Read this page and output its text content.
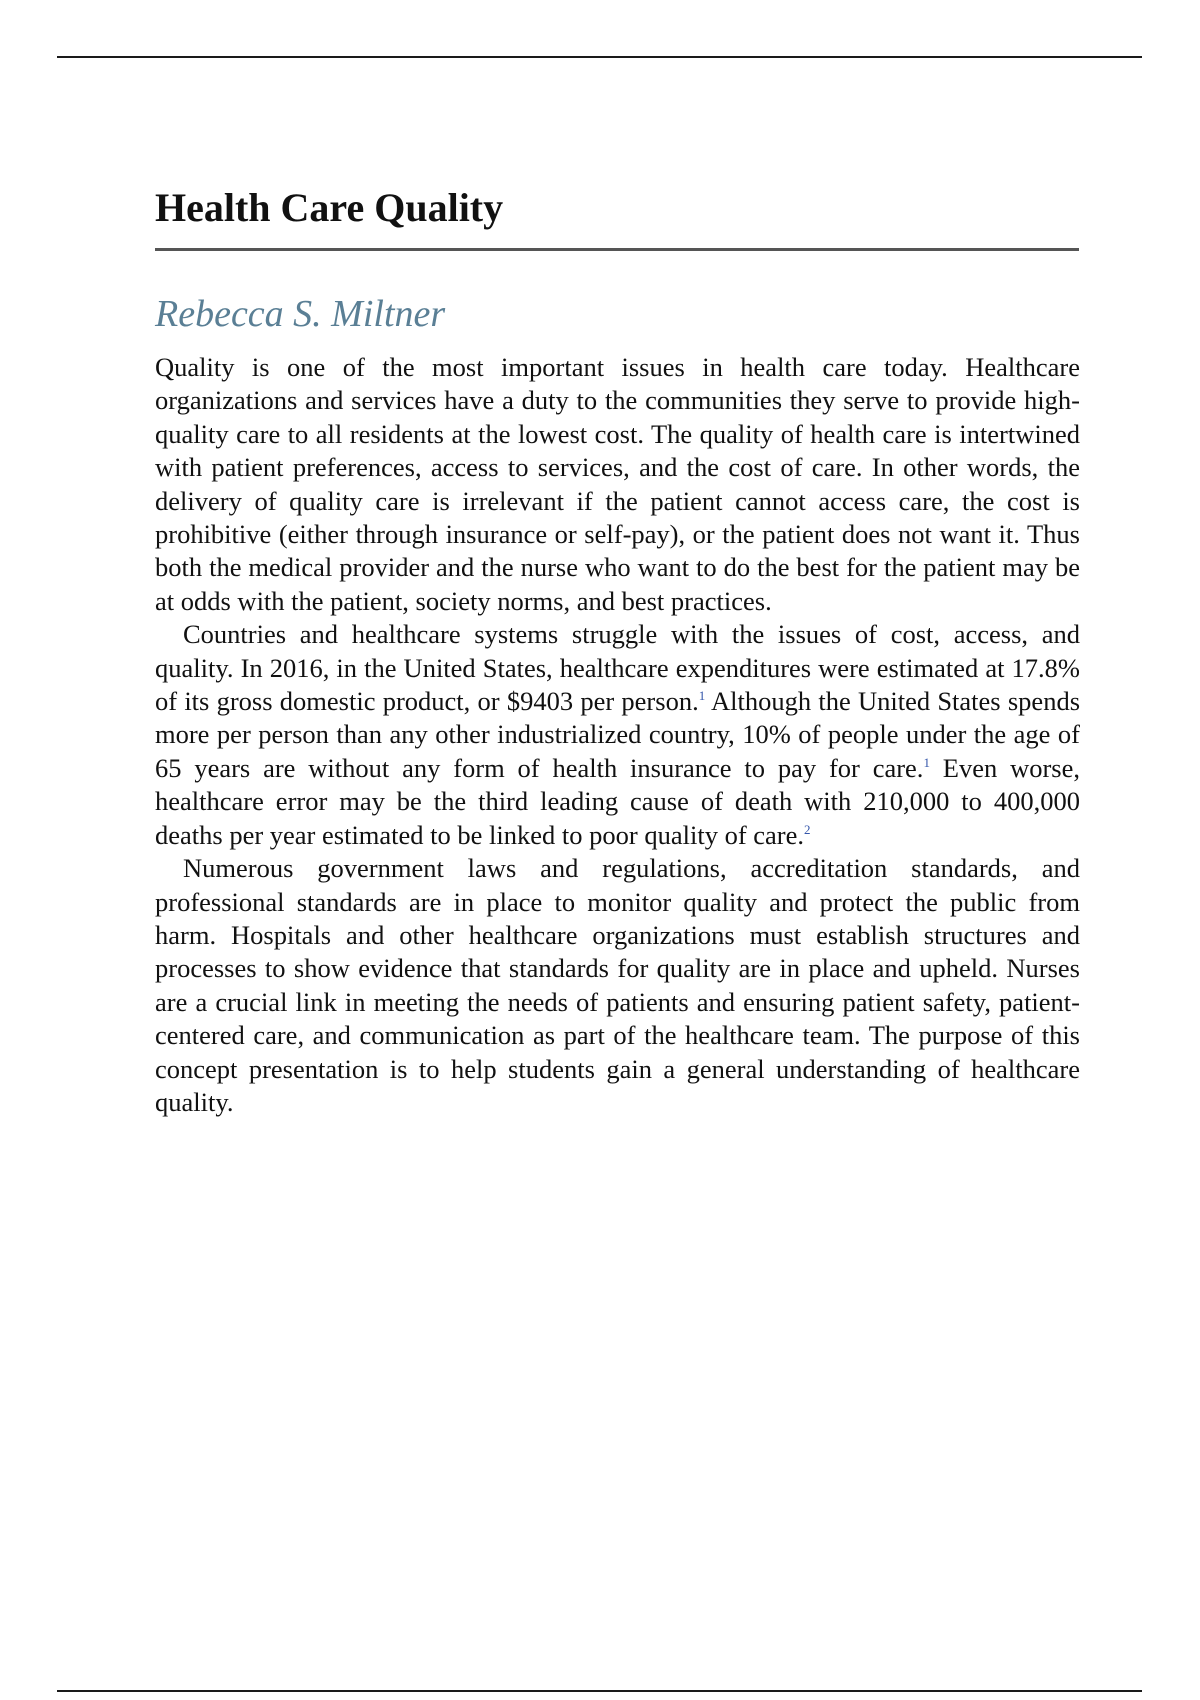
Health Care Quality
Rebecca S. Miltner

Quality is one of the most important issues in health care today. Healthcare organizations and services have a duty to the communities they serve to provide high-quality care to all residents at the lowest cost. The quality of health care is intertwined with patient preferences, access to services, and the cost of care. In other words, the delivery of quality care is irrelevant if the patient cannot access care, the cost is prohibitive (either through insurance or self-pay), or the patient does not want it. Thus both the medical provider and the nurse who want to do the best for the patient may be at odds with the patient, society norms, and best practices.

Countries and healthcare systems struggle with the issues of cost, access, and quality. In 2016, in the United States, healthcare expenditures were estimated at 17.8% of its gross domestic product, or $9403 per person.$^1$ Although the United States spends more per person than any other industrialized country, 10% of people under the age of 65 years are without any form of health insurance to pay for care.$^1$ Even worse, healthcare error may be the third leading cause of death with 210,000 to 400,000 deaths per year estimated to be linked to poor quality of care.$^2$

Numerous government laws and regulations, accreditation standards, and professional standards are in place to monitor quality and protect the public from harm. Hospitals and other healthcare organizations must establish structures and processes to show evidence that standards for quality are in place and upheld. Nurses are a crucial link in meeting the needs of patients and ensuring patient safety, patient-centered care, and communication as part of the healthcare team. The purpose of this concept presentation is to help students gain a general understanding of healthcare quality.
